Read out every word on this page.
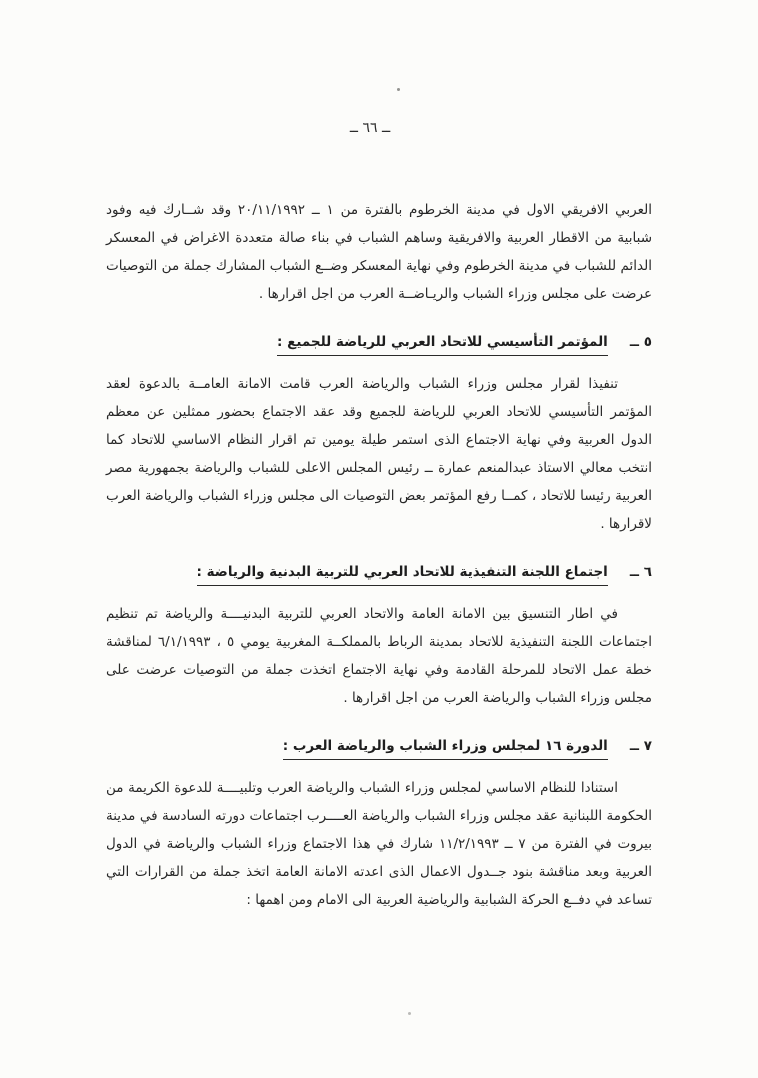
ــ ٦٦ ــ

العربي الافريقي الاول في مدينة الخرطوم بالفترة من ١ ــ ٢٠/١١/١٩٩٢ وقد شــارك فيه وفود شبابية من الاقطار العربية والافريقية وساهم الشباب في بناء صالة متعددة الاغراض في المعسكر الدائم للشباب في مدينة الخرطوم وفي نهاية المعسكر وضــع الشباب المشارك جملة من التوصيات عرضت على مجلس وزراء الشباب والريـاضــة العرب من اجل اقرارها .

٥ ــالمؤتمر التأسيسي للاتحاد العربي للرياضة للجميع :

تنفيذا لقرار مجلس وزراء الشباب والرياضة العرب قامت الامانة العامــة بالدعوة لعقد المؤتمر التأسيسي للاتحاد العربي للرياضة للجميع وقد عقد الاجتماع بحضور ممثلين عن معظم الدول العربية وفي نهاية الاجتماع الذى استمر طيلة يومين تم اقرار النظام الاساسي للاتحاد كما انتخب معالي الاستاذ عبدالمنعم عمارة ــ رئيس المجلس الاعلى للشباب والرياضة بجمهورية مصر العربية رئيسا للاتحاد ، كمــا رفع المؤتمر بعض التوصيات الى مجلس وزراء الشباب والرياضة العرب لاقرارها .

٦ ــاجتماع اللجنة التنفيذية للاتحاد العربي للتربية البدنية والرياضة :

في اطار التنسيق بين الامانة العامة والاتحاد العربي للتربية البدنيــــة والرياضة تم تنظيم اجتماعات اللجنة التنفيذية للاتحاد بمدينة الرباط بالمملكــة المغربية يومي ٥ ، ٦/١/١٩٩٣ لمناقشة خطة عمل الاتحاد للمرحلة القادمة وفي نهاية الاجتماع اتخذت جملة من التوصيات عرضت على مجلس وزراء الشباب والرياضة العرب من اجل اقرارها .

٧ ــالدورة ١٦ لمجلس وزراء الشباب والرياضة العرب :

استنادا للنظام الاساسي لمجلس وزراء الشباب والرياضة العرب وتلبيــــة للدعوة الكريمة من الحكومة اللبنانية عقد مجلس وزراء الشباب والرياضة العــــرب اجتماعات دورته السادسة في مدينة بيروت في الفترة من ٧ ــ ١١/٢/١٩٩٣ شارك في هذا الاجتماع وزراء الشباب والرياضة في الدول العربية وبعد مناقشة بنود جــدول الاعمال الذى اعدته الامانة العامة اتخذ جملة من القرارات التي تساعد في دفــع الحركة الشبابية والرياضية العربية الى الامام ومن اهمها :
